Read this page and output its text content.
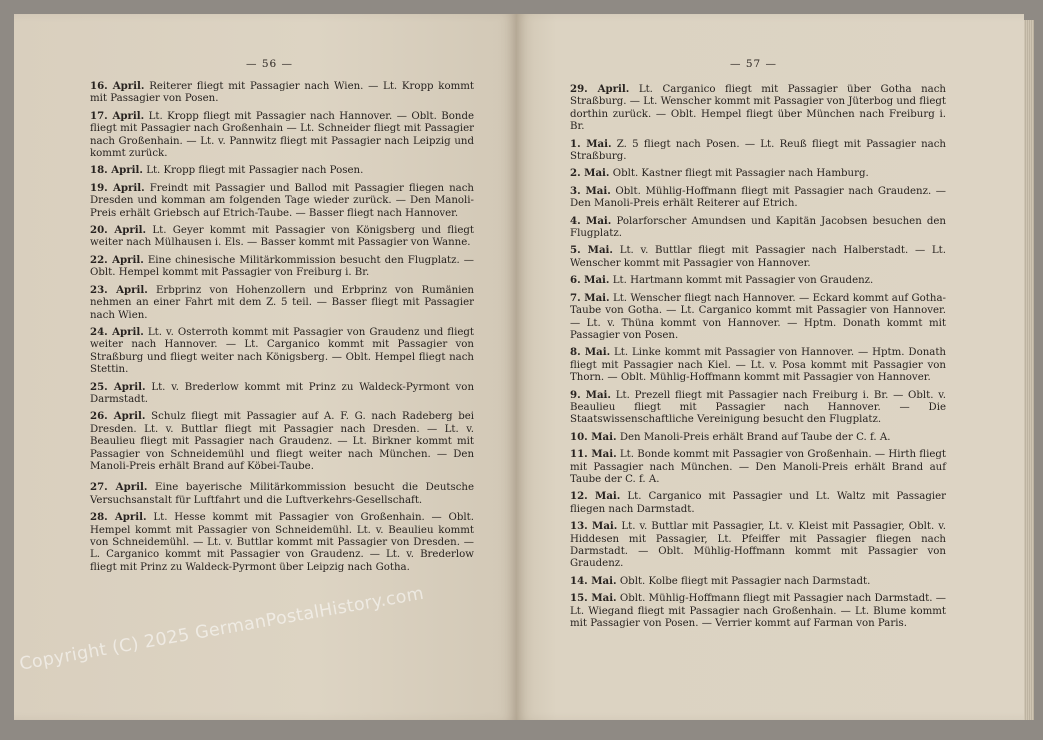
— 56 —
16. April. Reiterer fliegt mit Passagier nach Wien. — Lt. Kropp kommt mit Passagier von Posen.
17. April. Lt. Kropp fliegt mit Passagier nach Hannover. — Oblt. Bonde fliegt mit Passagier nach Großenhain — Lt. Schneider fliegt mit Passagier nach Großenhain. — Lt. v. Pannwitz fliegt mit Passagier nach Leipzig und kommt zurück.
18. April. Lt. Kropp fliegt mit Passagier nach Posen.
19. April. Freindt mit Passagier und Ballod mit Passagier fliegen nach Dresden und komman am folgenden Tage wieder zurück. — Den Manoli-Preis erhält Griebsch auf Etrich-Taube. — Basser fliegt nach Hannover.
20. April. Lt. Geyer kommt mit Passagier von Königsberg und fliegt weiter nach Mülhausen i. Els. — Basser kommt mit Passagier von Wanne.
22. April. Eine chinesische Militärkommission besucht den Flugplatz. — Oblt. Hempel kommt mit Passagier von Freiburg i. Br.
23. April. Erbprinz von Hohenzollern und Erbprinz von Rumänien nehmen an einer Fahrt mit dem Z. 5 teil. — Basser fliegt mit Passagier nach Wien.
24. April. Lt. v. Osterroth kommt mit Passagier von Graudenz und fliegt weiter nach Hannover. — Lt. Carganico kommt mit Passagier von Straßburg und fliegt weiter nach Königsberg. — Oblt. Hempel fliegt nach Stettin.
25. April. Lt. v. Brederlow kommt mit Prinz zu Waldeck-Pyrmont von Darmstadt.
26. April. Schulz fliegt mit Passagier auf A. F. G. nach Radeberg bei Dresden. Lt. v. Buttlar fliegt mit Passagier nach Dresden. — Lt. v. Beaulieu fliegt mit Passagier nach Graudenz. — Lt. Birkner kommt mit Passagier von Schneidemühl und fliegt weiter nach München. — Den Manoli-Preis erhält Brand auf Köbei-Taube.
27. April. Eine bayerische Militärkommission besucht die Deutsche Versuchsanstalt für Luftfahrt und die Luftverkehrs-Gesellschaft.
28. April. Lt. Hesse kommt mit Passagier von Großenhain. — Oblt. Hempel kommt mit Passagier von Schneidemühl. Lt. v. Beaulieu kommt von Schneidemühl. — Lt. v. Buttlar kommt mit Passagier von Dresden. — L. Carganico kommt mit Passagier von Graudenz. — Lt. v. Brederlow fliegt mit Prinz zu Waldeck-Pyrmont über Leipzig nach Gotha.
— 57 —
29. April. Lt. Carganico fliegt mit Passagier über Gotha nach Straßburg. — Lt. Wenscher kommt mit Passagier von Jüterbog und fliegt dorthin zurück. — Oblt. Hempel fliegt über München nach Freiburg i. Br.
1. Mai. Z. 5 fliegt nach Posen. — Lt. Reuß fliegt mit Passagier nach Straßburg.
2. Mai. Oblt. Kastner fliegt mit Passagier nach Hamburg.
3. Mai. Oblt. Mühlig-Hoffmann fliegt mit Passagier nach Graudenz. — Den Manoli-Preis erhält Reiterer auf Etrich.
4. Mai. Polarforscher Amundsen und Kapitän Jacobsen besuchen den Flugplatz.
5. Mai. Lt. v. Buttlar fliegt mit Passagier nach Halberstadt. — Lt. Wenscher kommt mit Passagier von Hannover.
6. Mai. Lt. Hartmann kommt mit Passagier von Graudenz.
7. Mai. Lt. Wenscher fliegt nach Hannover. — Eckard kommt auf Gotha-Taube von Gotha. — Lt. Carganico kommt mit Passagier von Hannover. — Lt. v. Thüna kommt von Hannover. — Hptm. Donath kommt mit Passagier von Posen.
8. Mai. Lt. Linke kommt mit Passagier von Hannover. — Hptm. Donath fliegt mit Passagier nach Kiel. — Lt. v. Posa kommt mit Passagier von Thorn. — Oblt. Mühlig-Hoffmann kommt mit Passagier von Hannover.
9. Mai. Lt. Prezell fliegt mit Passagier nach Freiburg i. Br. — Oblt. v. Beaulieu fliegt mit Passagier nach Hannover. — Die Staatswissenschaftliche Vereinigung besucht den Flugplatz.
10. Mai. Den Manoli-Preis erhält Brand auf Taube der C. f. A.
11. Mai. Lt. Bonde kommt mit Passagier von Großenhain. — Hirth fliegt mit Passagier nach München. — Den Manoli-Preis erhält Brand auf Taube der C. f. A.
12. Mai. Lt. Carganico mit Passagier und Lt. Waltz mit Passagier fliegen nach Darmstadt.
13. Mai. Lt. v. Buttlar mit Passagier, Lt. v. Kleist mit Passagier, Oblt. v. Hiddesen mit Passagier, Lt. Pfeiffer mit Passagier fliegen nach Darmstadt. — Oblt. Mühlig-Hoffmann kommt mit Passagier von Graudenz.
14. Mai. Oblt. Kolbe fliegt mit Passagier nach Darmstadt.
15. Mai. Oblt. Mühlig-Hoffmann fliegt mit Passagier nach Darmstadt. — Lt. Wiegand fliegt mit Passagier nach Großenhain. — Lt. Blume kommt mit Passagier von Posen. — Verrier kommt auf Farman von Paris.
Copyright (C) 2025 GermanPostalHistory.com
